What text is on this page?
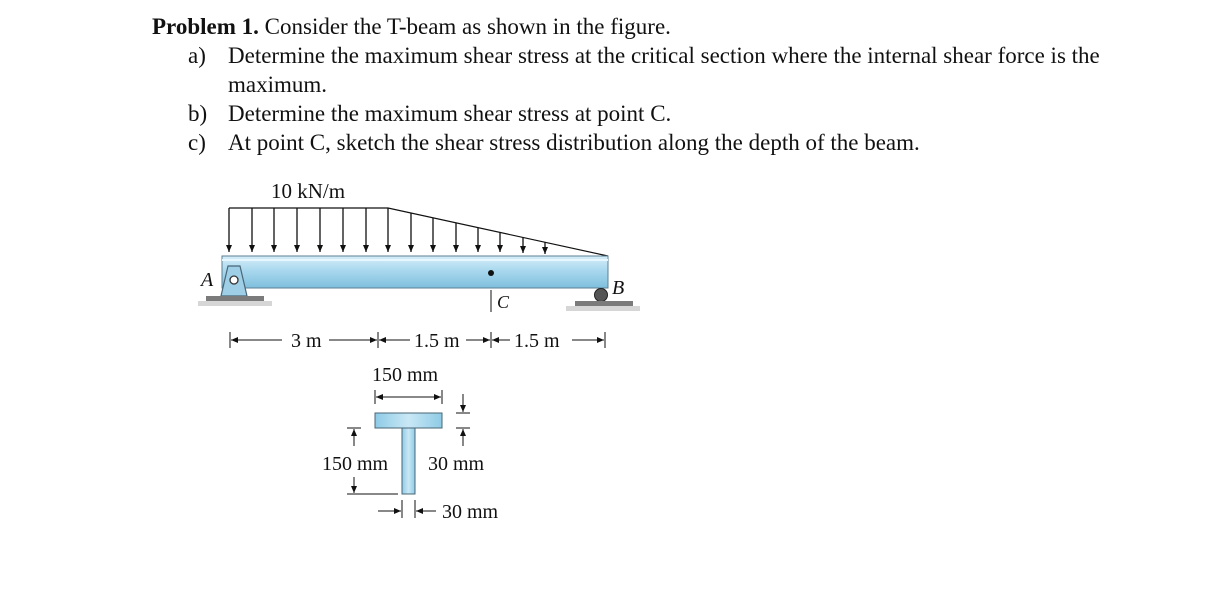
Problem 1. Consider the T-beam as shown in the figure.

a) Determine the maximum shear stress at the critical section where the internal shear force is the maximum.
b) Determine the maximum shear stress at point C.
c) At point C, sketch the shear stress distribution along the depth of the beam.
10 kN/m
C
A	B
3 m	1.5 m	1.5 m
150 mm
150 mm 30 mm
30 mm
